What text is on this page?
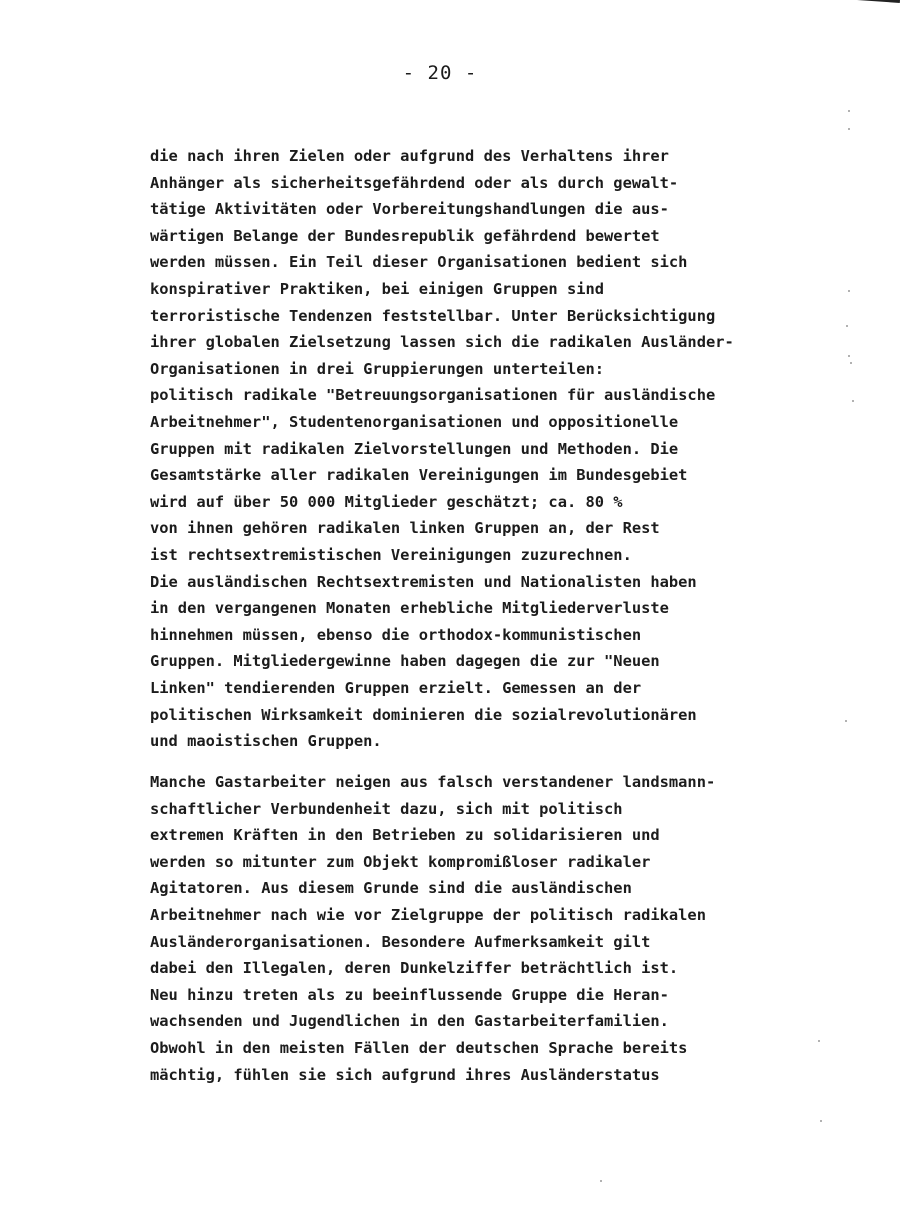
- 20 -
die nach ihren Zielen oder aufgrund des Verhaltens ihrer
Anhänger als sicherheitsgefährdend oder als durch gewalt-
tätige Aktivitäten oder Vorbereitungshandlungen die aus-
wärtigen Belange der Bundesrepublik gefährdend bewertet
werden müssen. Ein Teil dieser Organisationen bedient sich
konspirativer Praktiken, bei einigen Gruppen sind
terroristische Tendenzen feststellbar. Unter Berücksichtigung
ihrer globalen Zielsetzung lassen sich die radikalen Ausländer-
Organisationen in drei Gruppierungen unterteilen:
politisch radikale "Betreuungsorganisationen für ausländische
Arbeitnehmer", Studentenorganisationen und oppositionelle
Gruppen mit radikalen Zielvorstellungen und Methoden. Die
Gesamtstärke aller radikalen Vereinigungen im Bundesgebiet
wird auf über 50 000 Mitglieder geschätzt; ca. 80 %
von ihnen gehören radikalen linken Gruppen an, der Rest
ist rechtsextremistischen Vereinigungen zuzurechnen.
Die ausländischen Rechtsextremisten und Nationalisten haben
in den vergangenen Monaten erhebliche Mitgliederverluste
hinnehmen müssen, ebenso die orthodox-kommunistischen
Gruppen. Mitgliedergewinne haben dagegen die zur "Neuen
Linken" tendierenden Gruppen erzielt. Gemessen an der
politischen Wirksamkeit dominieren die sozialrevolutionären
und maoistischen Gruppen.
Manche Gastarbeiter neigen aus falsch verstandener landsmann-
schaftlicher Verbundenheit dazu, sich mit politisch
extremen Kräften in den Betrieben zu solidarisieren und
werden so mitunter zum Objekt kompromißloser radikaler
Agitatoren. Aus diesem Grunde sind die ausländischen
Arbeitnehmer nach wie vor Zielgruppe der politisch radikalen
Ausländerorganisationen. Besondere Aufmerksamkeit gilt
dabei den Illegalen, deren Dunkelziffer beträchtlich ist.
Neu hinzu treten als zu beeinflussende Gruppe die Heran-
wachsenden und Jugendlichen in den Gastarbeiterfamilien.
Obwohl in den meisten Fällen der deutschen Sprache bereits
mächtig, fühlen sie sich aufgrund ihres Ausländerstatus
